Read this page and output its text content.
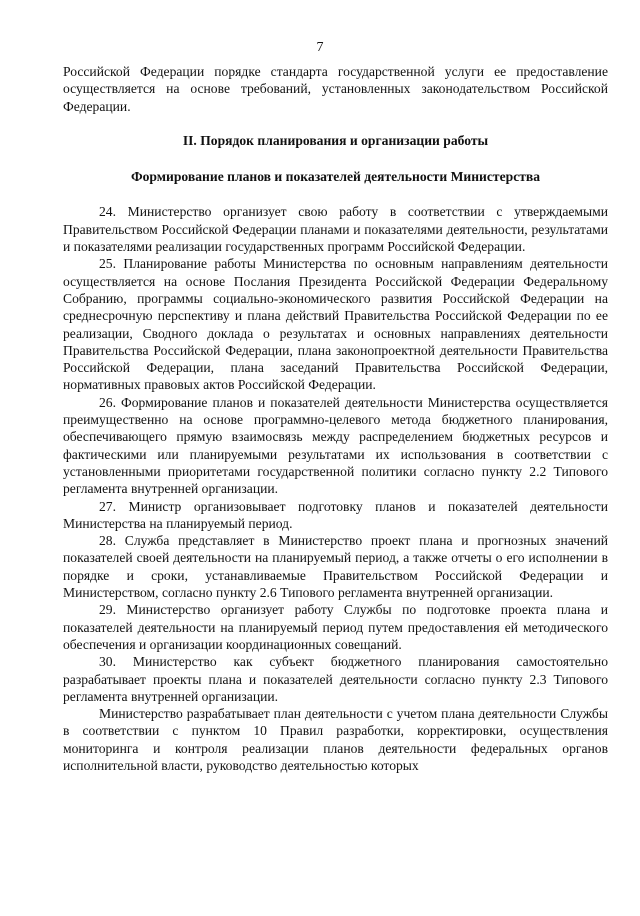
7

Российской Федерации порядке стандарта государственной услуги ее предоставление осуществляется на основе требований, установленных законодательством Российской Федерации.

II. Порядок планирования и организации работы

Формирование планов и показателей деятельности Министерства

24. Министерство организует свою работу в соответствии с утверждаемыми Правительством Российской Федерации планами и показателями деятельности, результатами и показателями реализации государственных программ Российской Федерации.

25. Планирование работы Министерства по основным направлениям деятельности осуществляется на основе Послания Президента Российской Федерации Федеральному Собранию, программы социально-экономического развития Российской Федерации на среднесрочную перспективу и плана действий Правительства Российской Федерации по ее реализации, Сводного доклада о результатах и основных направлениях деятельности Правительства Российской Федерации, плана законопроектной деятельности Правительства Российской Федерации, плана заседаний Правительства Российской Федерации, нормативных правовых актов Российской Федерации.

26. Формирование планов и показателей деятельности Министерства осуществляется преимущественно на основе программно-целевого метода бюджетного планирования, обеспечивающего прямую взаимосвязь между распределением бюджетных ресурсов и фактическими или планируемыми результатами их использования в соответствии с установленными приоритетами государственной политики согласно пункту 2.2 Типового регламента внутренней организации.

27. Министр организовывает подготовку планов и показателей деятельности Министерства на планируемый период.

28. Служба представляет в Министерство проект плана и прогнозных значений показателей своей деятельности на планируемый период, а также отчеты о его исполнении в порядке и сроки, устанавливаемые Правительством Российской Федерации и Министерством, согласно пункту 2.6 Типового регламента внутренней организации.

29. Министерство организует работу Службы по подготовке проекта плана и показателей деятельности на планируемый период путем предоставления ей методического обеспечения и организации координационных совещаний.

30. Министерство как субъект бюджетного планирования самостоятельно разрабатывает проекты плана и показателей деятельности согласно пункту 2.3 Типового регламента внутренней организации.

Министерство разрабатывает план деятельности с учетом плана деятельности Службы в соответствии с пунктом 10 Правил разработки, корректировки, осуществления мониторинга и контроля реализации планов деятельности федеральных органов исполнительной власти, руководство деятельностью которых
